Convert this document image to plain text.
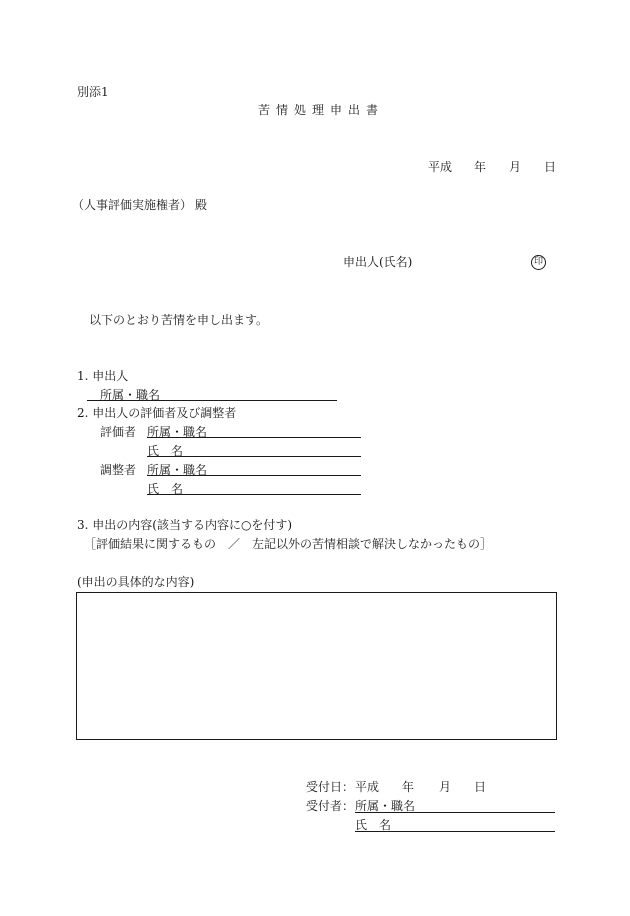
別添1
苦情処理申出書
平成 年 月 日
（人事評価実施権者） 殿
申出人(氏名)	印
以下のとおり苦情を申し出ます。
1. 申出人
所属・職名
2. 申出人の評価者及び調整者
評価者 所属・職名
氏　名
調整者 所属・職名
氏　名
3. 申出の内容(該当する内容に○を付す)
［評価結果に関するもの　／　左記以外の苦情相談で解決しなかったもの］
(申出の具体的な内容)
受付日： 平成 年 月 日
受付者： 所属・職名
氏　名
